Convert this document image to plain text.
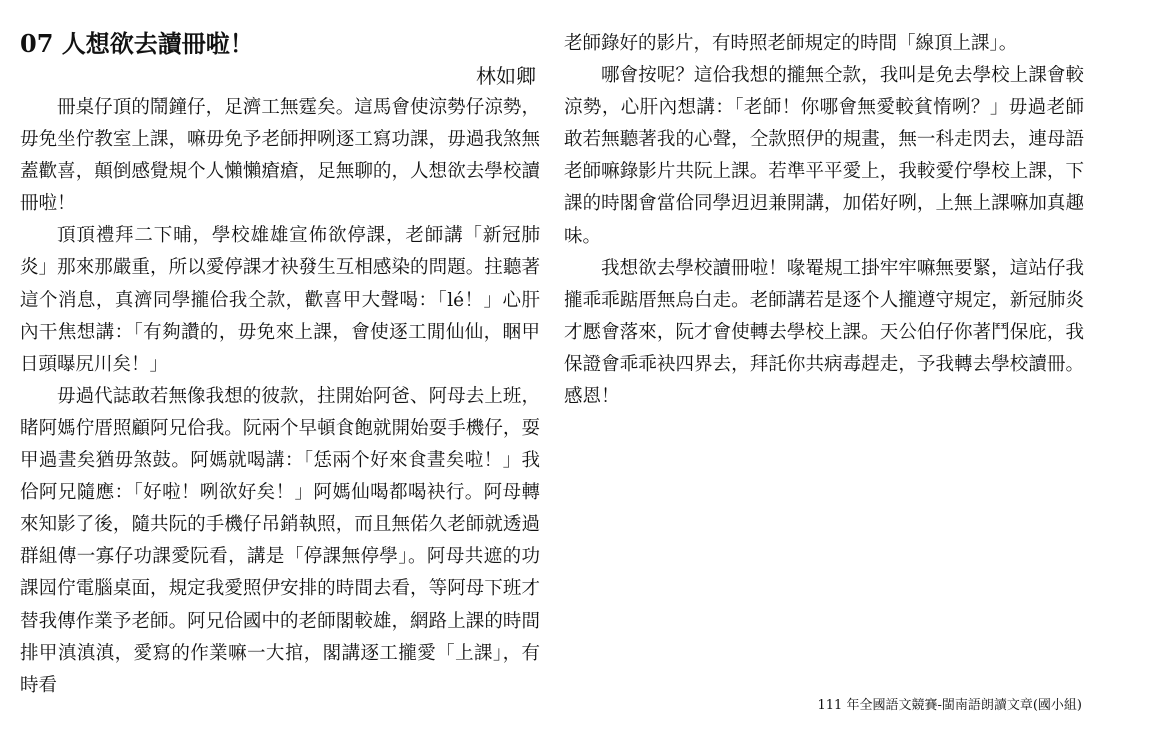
07 人想欲去讀冊啦！

林如卿

冊桌仔頂的鬧鐘仔，足濟工無霆矣。這馬會使涼勢仔涼勢，毋免坐佇教室上課，嘛毋免予老師押咧逐工寫功課，毋過我煞無蓋歡喜，顛倒感覺規个人懶懶瘡瘡，足無聊的，人想欲去學校讀冊啦！

頂頂禮拜二下晡，學校雄雄宣佈欲停課，老師講「新冠肺炎」那來那嚴重，所以愛停課才袂發生互相感染的問題。拄聽著這个消息，真濟同學攏佮我仝款，歡喜甲大聲喝：「lé！」心肝內干焦想講：「有夠讚的，毋免來上課，會使逐工閒仙仙，睏甲日頭曝尻川矣！」

毋過代誌敢若無像我想的彼款，拄開始阿爸、阿母去上班，睹阿媽佇厝照顧阿兄佮我。阮兩个早頓食飽就開始耍手機仔，耍甲過晝矣猶毋煞鼓。阿媽就喝講：「恁兩个好來食晝矣啦！」我佮阿兄隨應：「好啦！咧欲好矣！」阿媽仙喝都喝袂行。阿母轉來知影了後，隨共阮的手機仔吊銷執照，而且無偌久老師就透過群組傳一寡仔功課愛阮看，講是「停課無停學」。阿母共遮的功課囥佇電腦桌面，規定我愛照伊安排的時間去看，等阿母下班才替我傳作業予老師。阿兄佮國中的老師閣較雄，網路上課的時間排甲滇滇滇，愛寫的作業嘛一大捾，閣講逐工攏愛「上課」，有時看

老師錄好的影片，有時照老師規定的時間「線頂上課」。

哪會按呢？這佮我想的攏無仝款，我叫是免去學校上課會較涼勢，心肝內想講：「老師！你哪會無愛較貧惰咧？」毋過老師敢若無聽著我的心聲，仝款照伊的規畫，無一科走閃去，連母語老師嘛錄影片共阮上課。若準平平愛上，我較愛佇學校上課，下課的時閣會當佮同學迌迌兼開講，加偌好咧，上無上課嘛加真趣味。

我想欲去學校讀冊啦！喙罨規工掛牢牢嘛無要緊，這站仔我攏乖乖踮厝無烏白走。老師講若是逐个人攏遵守規定，新冠肺炎才懕會落來，阮才會使轉去學校上課。天公伯仔你著鬥保庇，我保證會乖乖袂四界去，拜託你共病毒趕走，予我轉去學校讀冊。感恩！

111 年全國語文競賽-閩南語朗讀文章(國小組)
